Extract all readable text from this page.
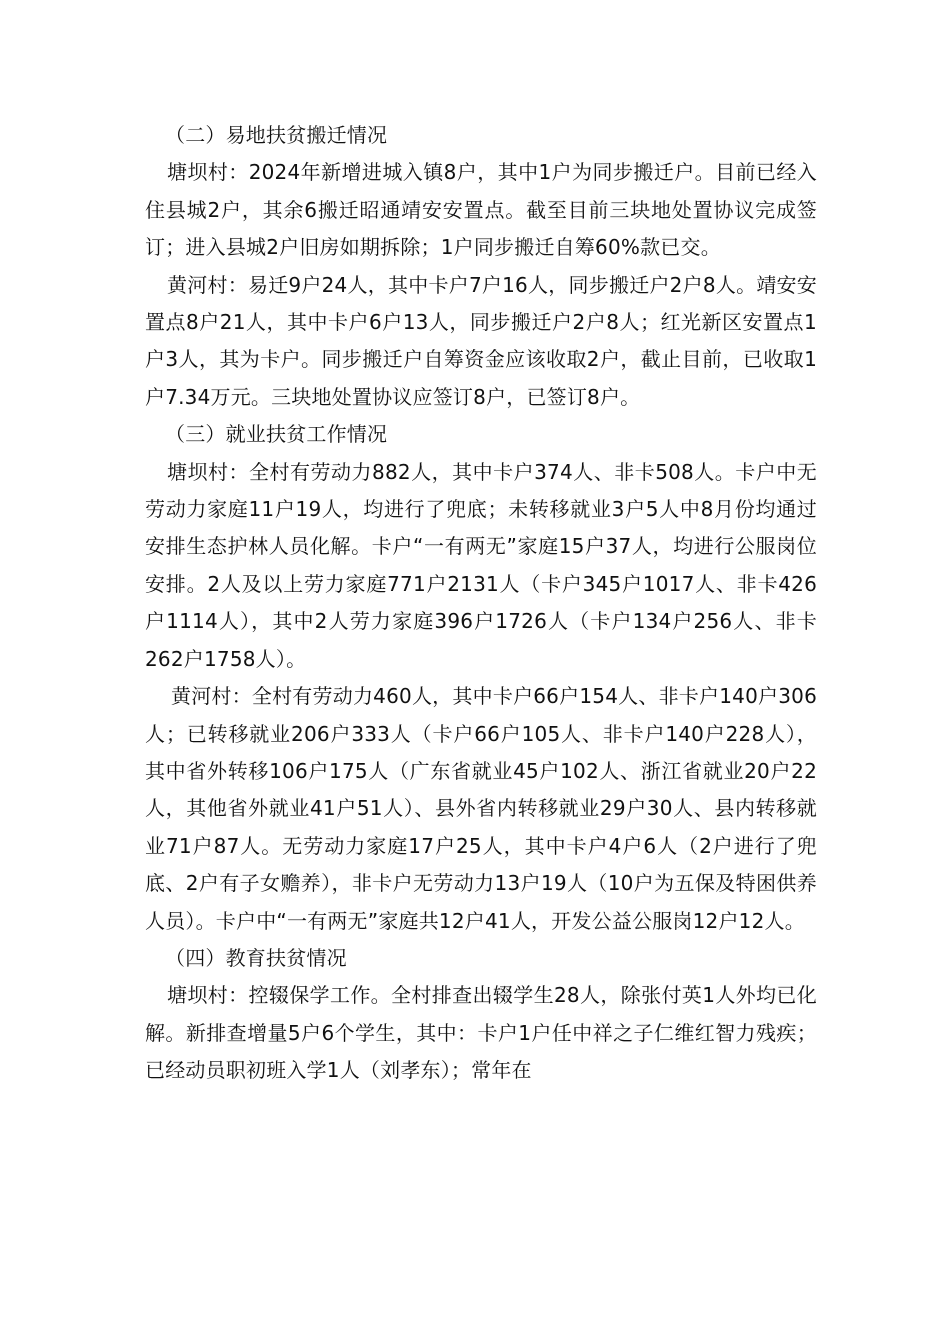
（二）易地扶贫搬迁情况

塘坝村：2024年新增进城入镇8户，其中1户为同步搬迁户。目前已经入住县城2户，其余6搬迁昭通靖安安置点。截至目前三块地处置协议完成签订；进入县城2户旧房如期拆除；1户同步搬迁自筹60%款已交。

黄河村：易迁9户24人，其中卡户7户16人，同步搬迁户2户8人。靖安安置点8户21人，其中卡户6户13人，同步搬迁户2户8人；红光新区安置点1户3人，其为卡户。同步搬迁户自筹资金应该收取2户，截止目前，已收取1户7.34万元。三块地处置协议应签订8户，已签订8户。

（三）就业扶贫工作情况

塘坝村：全村有劳动力882人，其中卡户374人、非卡508人。卡户中无劳动力家庭11户19人，均进行了兜底；未转移就业3户5人中8月份均通过安排生态护林人员化解。卡户“一有两无”家庭15户37人，均进行公服岗位安排。2人及以上劳力家庭771户2131人（卡户345户1017人、非卡426户1114人），其中2人劳力家庭396户1726人（卡户134户256人、非卡262户1758人）。

黄河村：全村有劳动力460人，其中卡户66户154人、非卡户140户306人；已转移就业206户333人（卡户66户105人、非卡户140户228人），其中省外转移106户175人（广东省就业45户102人、浙江省就业20户22人，其他省外就业41户51人）、县外省内转移就业29户30人、县内转移就业71户87人。无劳动力家庭17户25人，其中卡户4户6人（2户进行了兜底、2户有子女赡养），非卡户无劳动力13户19人（10户为五保及特困供养人员）。卡户中“一有两无”家庭共12户41人，开发公益公服岗12户12人。

（四）教育扶贫情况

塘坝村：控辍保学工作。全村排查出辍学生28人，除张付英1人外均已化解。新排查增量5户6个学生，其中：卡户1户任中祥之子仁维红智力残疾；已经动员职初班入学1人（刘孝东）；常年在
